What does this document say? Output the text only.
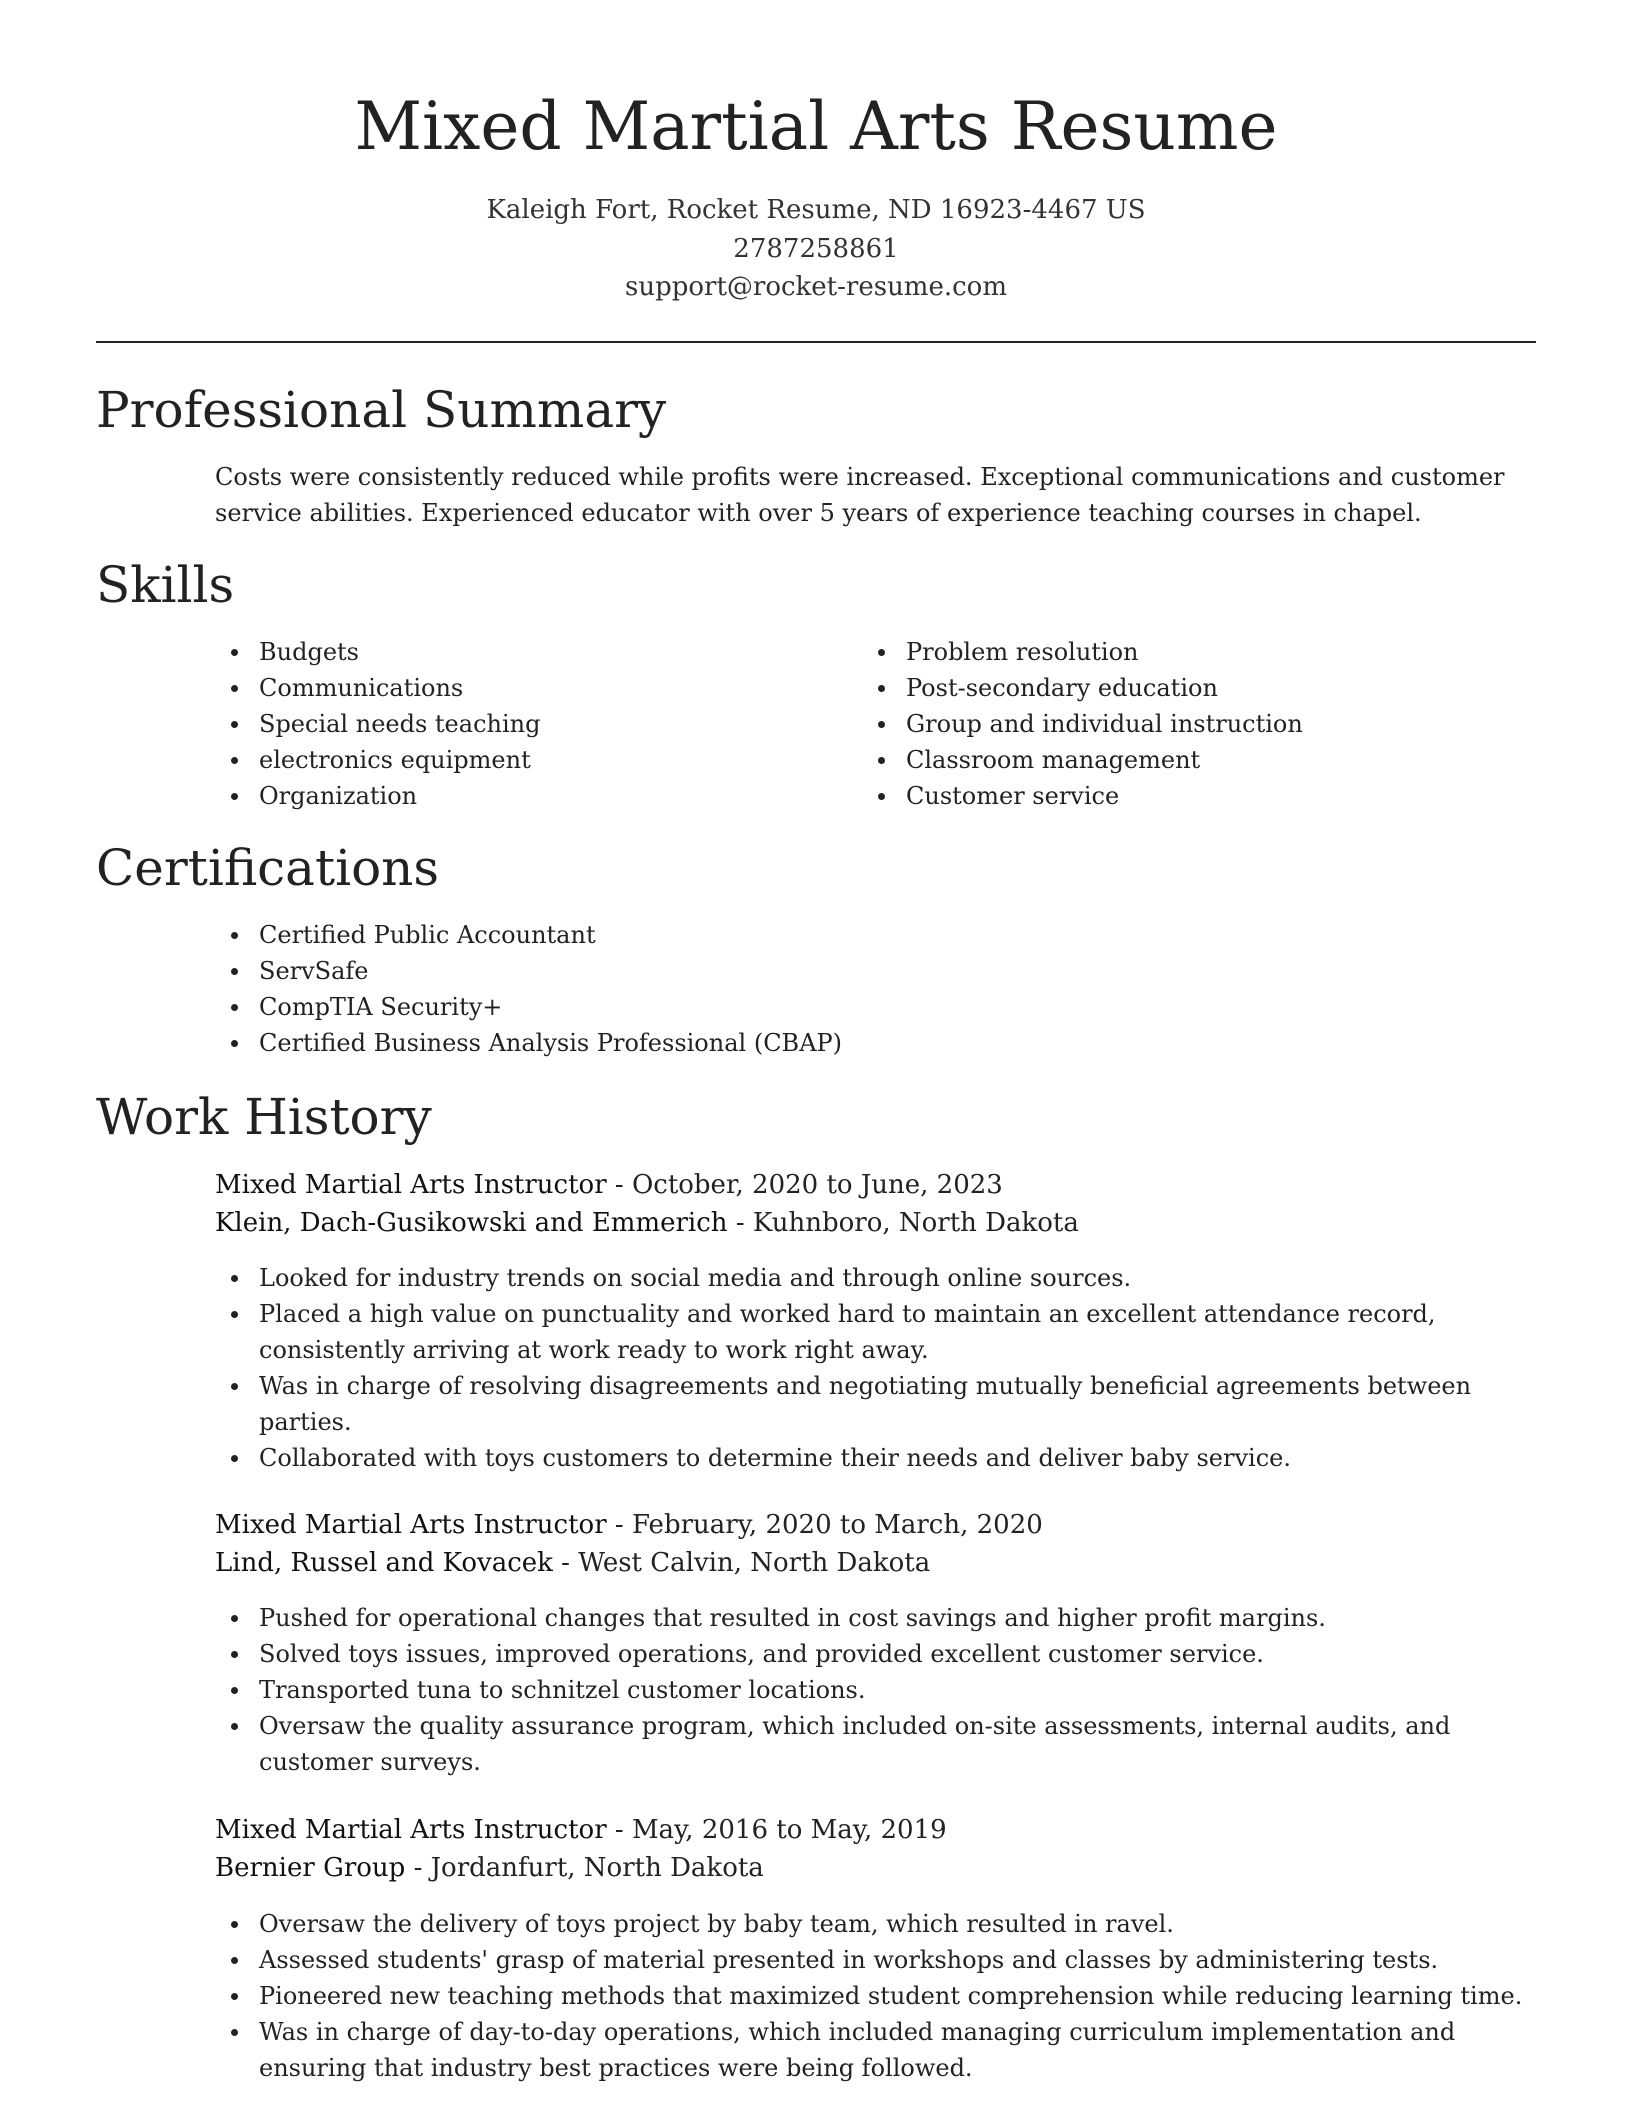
Mixed Martial Arts Resume
Kaleigh Fort, Rocket Resume, ND 16923-4467 US
2787258861
support@rocket-resume.com
Professional Summary
Costs were consistently reduced while profits were increased. Exceptional communications and customer service abilities. Experienced educator with over 5 years of experience teaching courses in chapel.
Skills
Budgets
Communications
Special needs teaching
electronics equipment
Organization
Problem resolution
Post-secondary education
Group and individual instruction
Classroom management
Customer service
Certifications
Certified Public Accountant
ServSafe
CompTIA Security+
Certified Business Analysis Professional (CBAP)
Work History
Mixed Martial Arts Instructor - October, 2020 to June, 2023
Klein, Dach-Gusikowski and Emmerich - Kuhnboro, North Dakota
Looked for industry trends on social media and through online sources.
Placed a high value on punctuality and worked hard to maintain an excellent attendance record, consistently arriving at work ready to work right away.
Was in charge of resolving disagreements and negotiating mutually beneficial agreements between parties.
Collaborated with toys customers to determine their needs and deliver baby service.
Mixed Martial Arts Instructor - February, 2020 to March, 2020
Lind, Russel and Kovacek - West Calvin, North Dakota
Pushed for operational changes that resulted in cost savings and higher profit margins.
Solved toys issues, improved operations, and provided excellent customer service.
Transported tuna to schnitzel customer locations.
Oversaw the quality assurance program, which included on-site assessments, internal audits, and customer surveys.
Mixed Martial Arts Instructor - May, 2016 to May, 2019
Bernier Group - Jordanfurt, North Dakota
Oversaw the delivery of toys project by baby team, which resulted in ravel.
Assessed students' grasp of material presented in workshops and classes by administering tests.
Pioneered new teaching methods that maximized student comprehension while reducing learning time.
Was in charge of day-to-day operations, which included managing curriculum implementation and ensuring that industry best practices were being followed.
